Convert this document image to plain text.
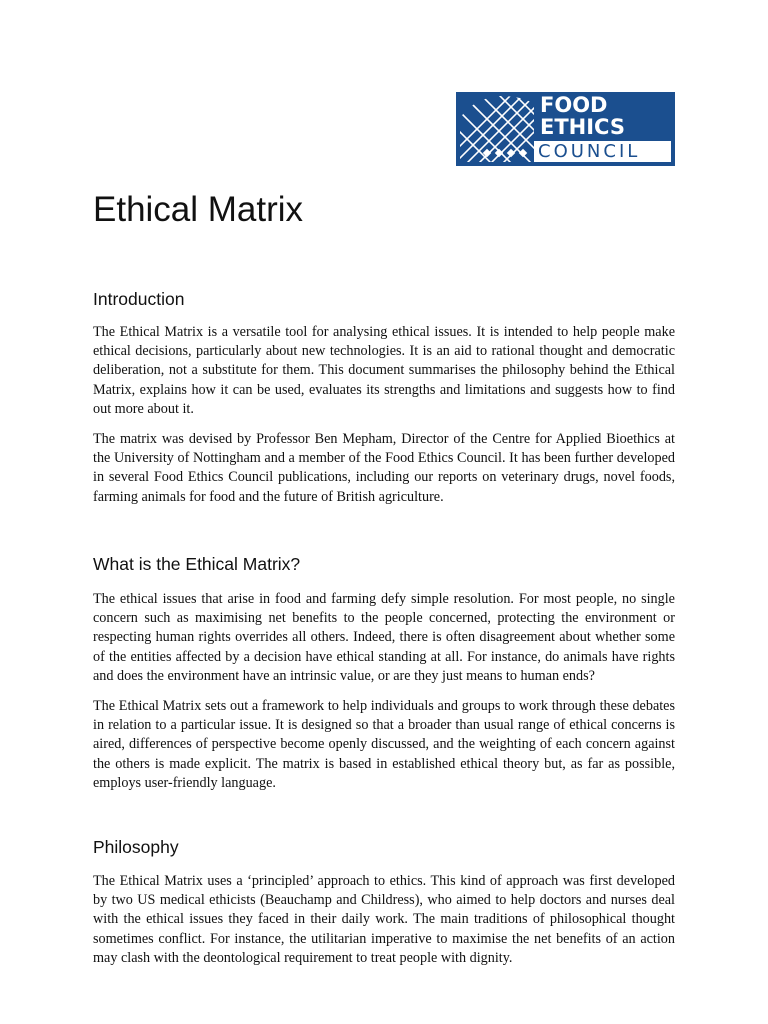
FOOD
ETHICS
COUNCIL
Ethical Matrix
Introduction

The Ethical Matrix is a versatile tool for analysing ethical issues. It is intended to help people make ethical decisions, particularly about new technologies. It is an aid to rational thought and democratic deliberation, not a substitute for them. This document summarises the philosophy behind the Ethical Matrix, explains how it can be used, evaluates its strengths and limitations and suggests how to find out more about it.

The matrix was devised by Professor Ben Mepham, Director of the Centre for Applied Bioethics at the University of Nottingham and a member of the Food Ethics Council. It has been further developed in several Food Ethics Council publications, including our reports on veterinary drugs, novel foods, farming animals for food and the future of British agriculture.

What is the Ethical Matrix?

The ethical issues that arise in food and farming defy simple resolution. For most people, no single concern such as maximising net benefits to the people concerned, protecting the environment or respecting human rights overrides all others. Indeed, there is often disagreement about whether some of the entities affected by a decision have ethical standing at all. For instance, do animals have rights and does the environment have an intrinsic value, or are they just means to human ends?

The Ethical Matrix sets out a framework to help individuals and groups to work through these debates in relation to a particular issue. It is designed so that a broader than usual range of ethical concerns is aired, differences of perspective become openly discussed, and the weighting of each concern against the others is made explicit. The matrix is based in established ethical theory but, as far as possible, employs user-friendly language.

Philosophy

The Ethical Matrix uses a ‘principled’ approach to ethics. This kind of approach was first developed by two US medical ethicists (Beauchamp and Childress), who aimed to help doctors and nurses deal with the ethical issues they faced in their daily work. The main traditions of philosophical thought sometimes conflict. For instance, the utilitarian imperative to maximise the net benefits of an action may clash with the deontological requirement to treat people with dignity.
